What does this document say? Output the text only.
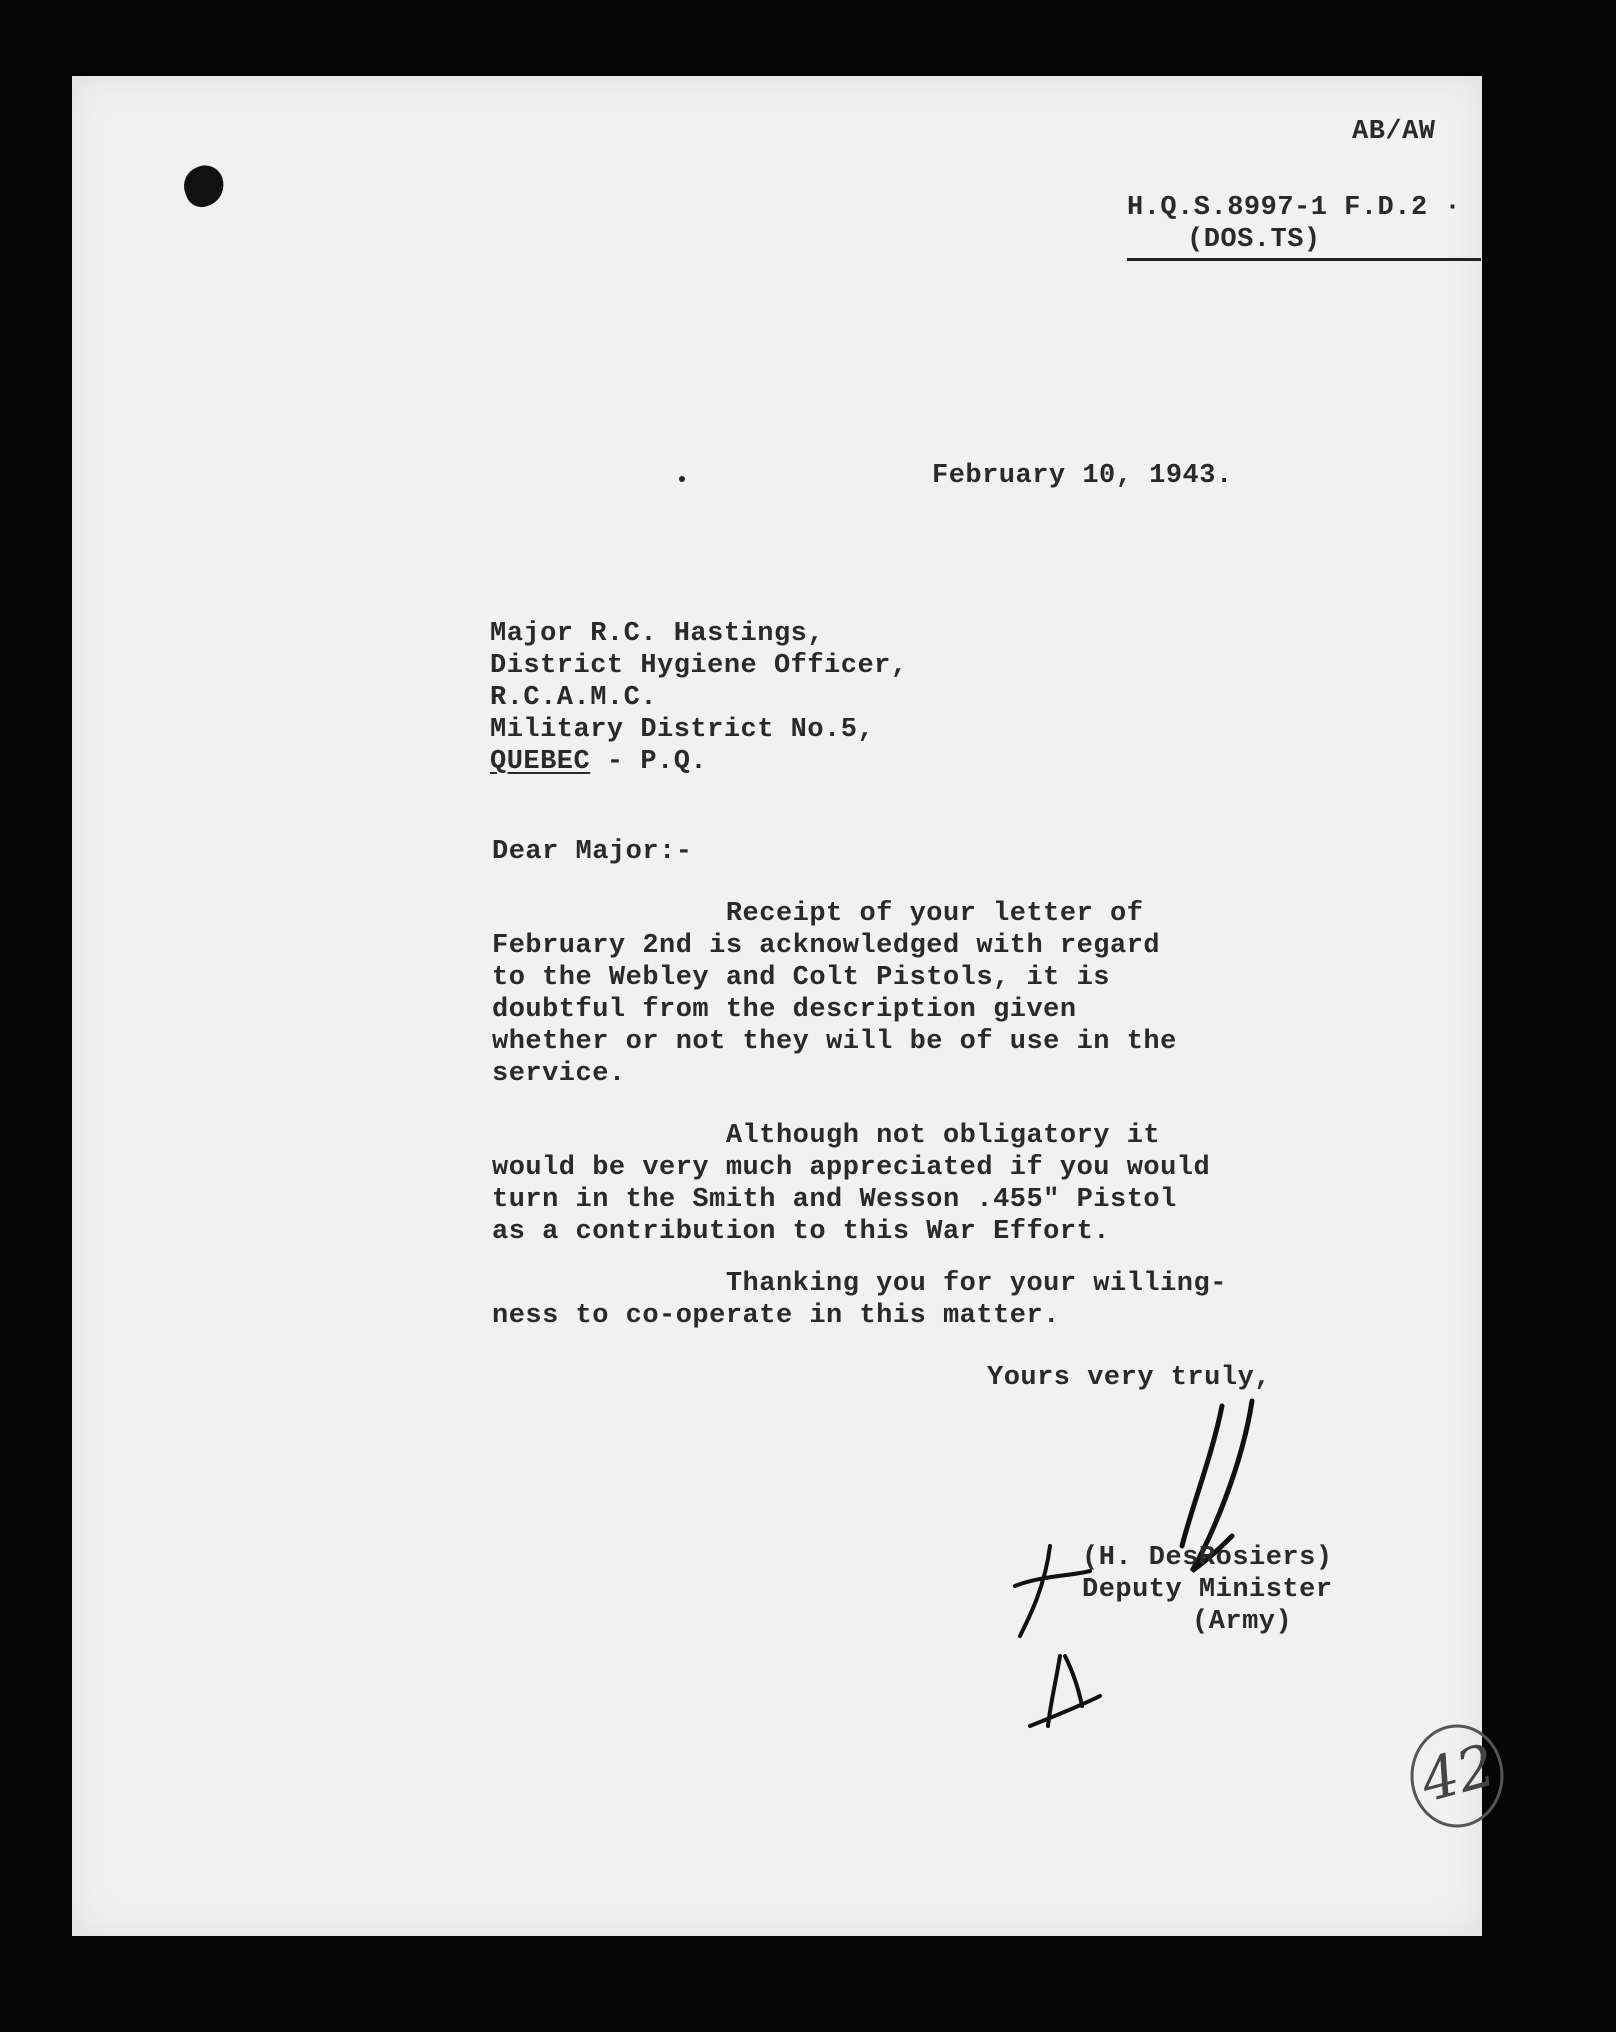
AB/AW
H.Q.S.8997-1 F.D.2 ·
(DOS.TS)
February 10, 1943.
Major R.C. Hastings,
District Hygiene Officer,
R.C.A.M.C.
Military District No.5,
QUEBEC - P.Q.
Dear Major:-
Receipt of your letter of
February 2nd is acknowledged with regard
to the Webley and Colt Pistols, it is
doubtful from the description given
whether or not they will be of use in the
service.
Although not obligatory it
would be very much appreciated if you would
turn in the Smith and Wesson .455" Pistol
as a contribution to this War Effort.
Thanking you for your willing-
ness to co-operate in this matter.
Yours very truly,
(H. DesRosiers)
Deputy Minister
(Army)
42
